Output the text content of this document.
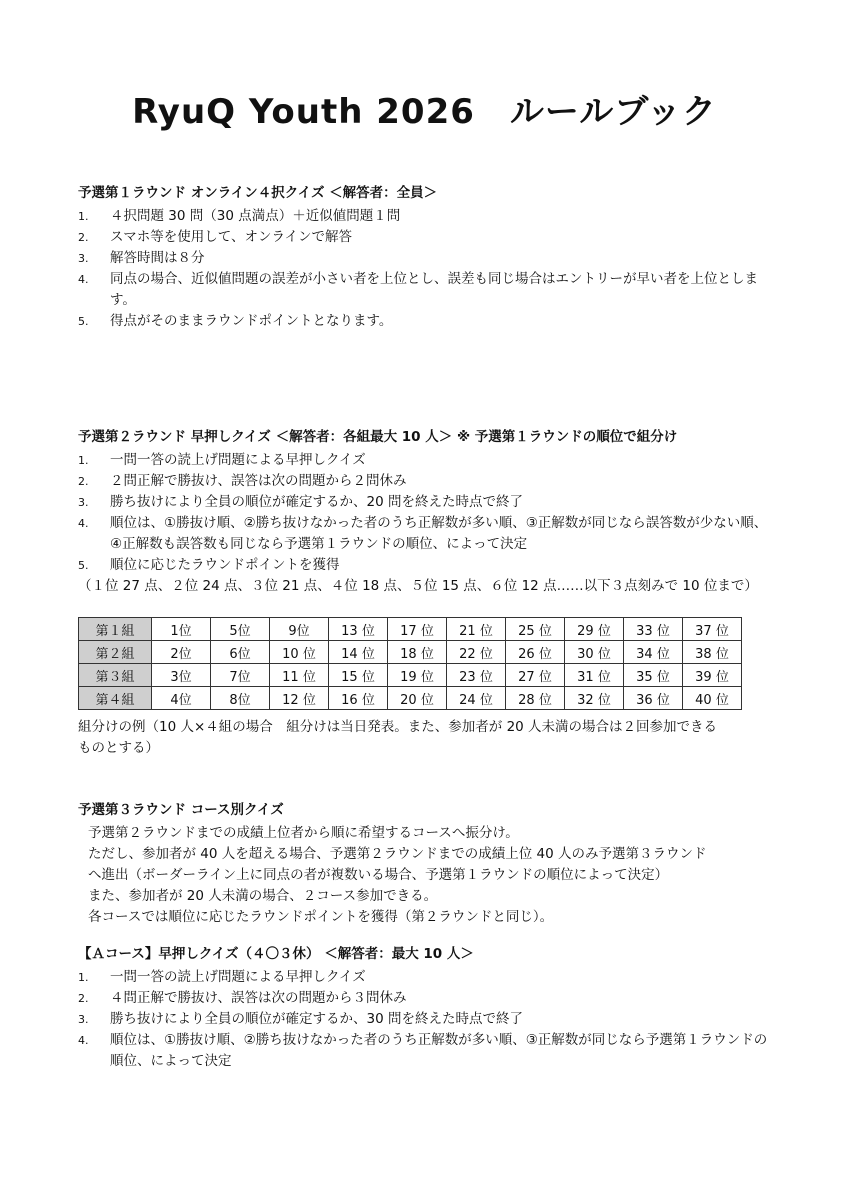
RyuQ Youth 2026　ルールブック
予選第１ラウンド オンライン４択クイズ ＜解答者：全員＞
1. ４択問題 30 問（30 点満点）＋近似値問題１問
2. スマホ等を使用して、オンラインで解答
3. 解答時間は８分
4. 同点の場合、近似値問題の誤差が小さい者を上位とし、誤差も同じ場合はエントリーが早い者を上位とします。
5. 得点がそのままラウンドポイントとなります。
予選第２ラウンド 早押しクイズ ＜解答者：各組最大 10 人＞ ※ 予選第１ラウンドの順位で組分け
1. 一問一答の読上げ問題による早押しクイズ
2. ２問正解で勝抜け、誤答は次の問題から２問休み
3. 勝ち抜けにより全員の順位が確定するか、20 問を終えた時点で終了
4. 順位は、①勝抜け順、②勝ち抜けなかった者のうち正解数が多い順、③正解数が同じなら誤答数が少ない順、④正解数も誤答数も同じなら予選第１ラウンドの順位、によって決定
5. 順位に応じたラウンドポイントを獲得
（１位 27 点、２位 24 点、３位 21 点、４位 18 点、５位 15 点、６位 12 点……以下３点刻みで 10 位まで）
第１組	1位	5位	9位	13 位	17 位	21 位	25 位	29 位	33 位	37 位
第２組	2位	6位	10 位	14 位	18 位	22 位	26 位	30 位	34 位	38 位
第３組	3位	7位	11 位	15 位	19 位	23 位	27 位	31 位	35 位	39 位
第４組	4位	8位	12 位	16 位	20 位	24 位	28 位	32 位	36 位	40 位
組分けの例（10 人×４組の場合　組分けは当日発表。また、参加者が 20 人未満の場合は２回参加できる
ものとする）
予選第３ラウンド コース別クイズ
予選第２ラウンドまでの成績上位者から順に希望するコースへ振分け。
ただし、参加者が 40 人を超える場合、予選第２ラウンドまでの成績上位 40 人のみ予選第３ラウンド
へ進出（ボーダーライン上に同点の者が複数いる場合、予選第１ラウンドの順位によって決定）
また、参加者が 20 人未満の場合、２コース参加できる。
各コースでは順位に応じたラウンドポイントを獲得（第２ラウンドと同じ）。
【Ａコース】早押しクイズ（４〇３休） ＜解答者：最大 10 人＞
1. 一問一答の読上げ問題による早押しクイズ
2. ４問正解で勝抜け、誤答は次の問題から３問休み
3. 勝ち抜けにより全員の順位が確定するか、30 問を終えた時点で終了
4. 順位は、①勝抜け順、②勝ち抜けなかった者のうち正解数が多い順、③正解数が同じなら予選第１ラウンドの順位、によって決定
